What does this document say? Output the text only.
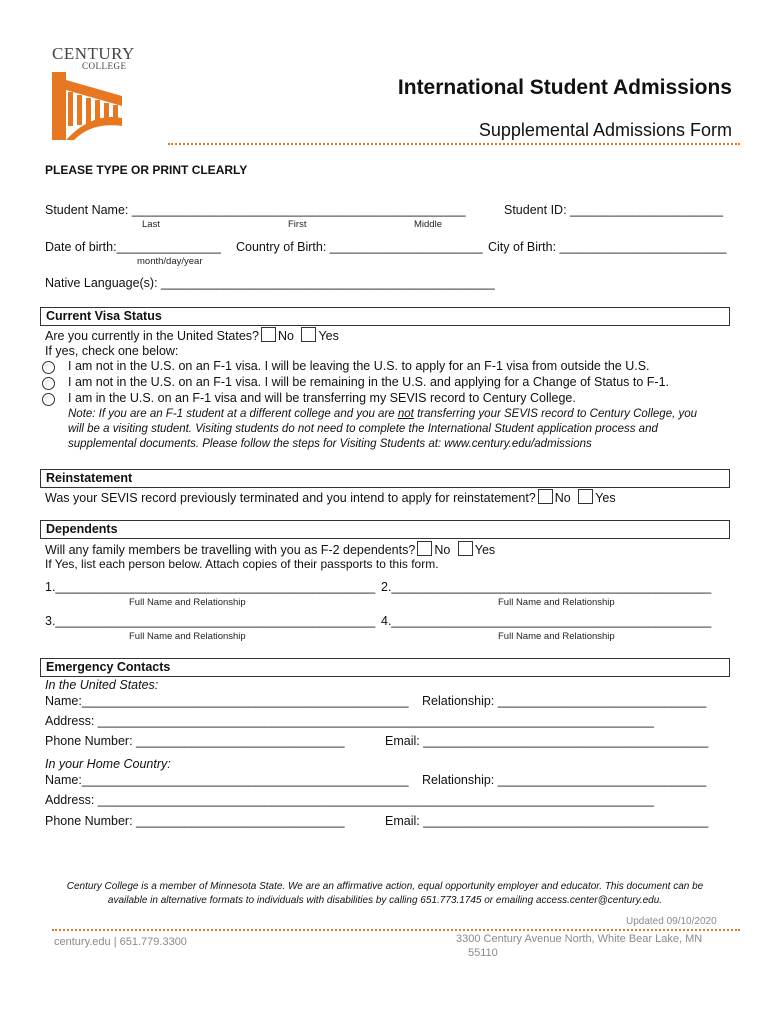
CENTURY
COLLEGE
International Student Admissions
Supplemental Admissions Form
PLEASE TYPE OR PRINT CLEARLY
Student Name: ________________________________________________	Student ID: ______________________
Last	First	Middle
Date of birth:_______________ Country of Birth: ______________________ City of Birth: ________________________
month/day/year
Native Language(s): ________________________________________________
Current Visa Status
Are you currently in the United States? No Yes
If yes, check one below:
I am not in the U.S. on an F-1 visa. I will be leaving the U.S. to apply for an F-1 visa from outside the U.S.
I am not in the U.S. on an F-1 visa. I will be remaining in the U.S. and applying for a Change of Status to F-1.
I am in the U.S. on an F-1 visa and will be transferring my SEVIS record to Century College.
Note: If you are an F-1 student at a different college and you are not transferring your SEVIS record to Century College, you
will be a visiting student. Visiting students do not need to complete the International Student application process and
supplemental documents. Please follow the steps for Visiting Students at: www.century.edu/admissions
Reinstatement
Was your SEVIS record previously terminated and you intend to apply for reinstatement? No Yes
Dependents
Will any family members be travelling with you as F-2 dependents? No Yes
If Yes, list each person below. Attach copies of their passports to this form.
1.______________________________________________ 2.______________________________________________
Full Name and Relationship	Full Name and Relationship
3.______________________________________________ 4.______________________________________________
Full Name and Relationship	Full Name and Relationship
Emergency Contacts
In the United States:
Name:_______________________________________________ Relationship: ______________________________
Address: ________________________________________________________________________________
Phone Number: ______________________________	Email: _________________________________________
In your Home Country:
Name:_______________________________________________ Relationship: ______________________________
Address: ________________________________________________________________________________
Phone Number: ______________________________	Email: _________________________________________
Century College is a member of Minnesota State. We are an affirmative action, equal opportunity employer and educator. This document can be
available in alternative formats to individuals with disabilities by calling 651.773.1745 or emailing access.center@century.edu.
Updated 09/10/2020
century.edu | 651.779.3300	3300 Century Avenue North, White Bear Lake, MN
55110
